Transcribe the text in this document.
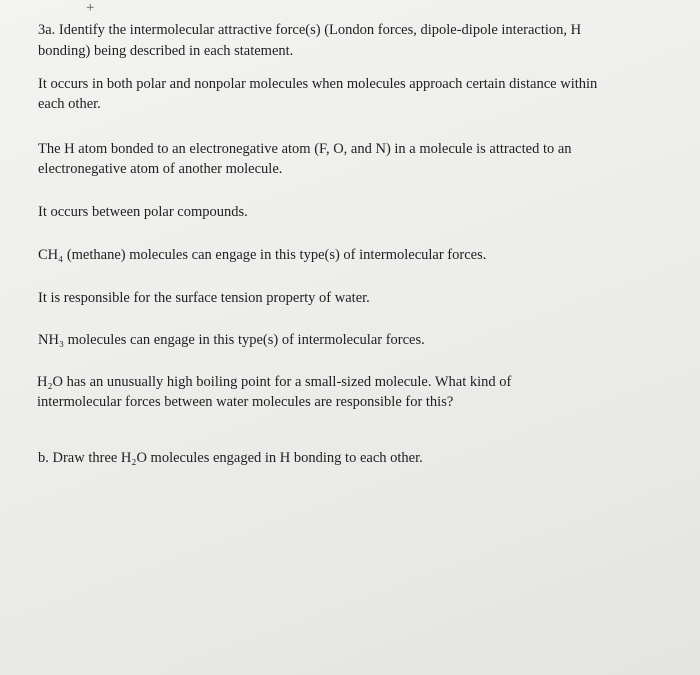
+
3a. Identify the intermolecular attractive force(s) (London forces, dipole-dipole interaction, H
bonding) being described in each statement.
It occurs in both polar and nonpolar molecules when molecules approach certain distance within
each other.
The H atom bonded to an electronegative atom (F, O, and N) in a molecule is attracted to an
electronegative atom of another molecule.
It occurs between polar compounds.
CH₄ (methane) molecules can engage in this type(s) of intermolecular forces.
It is responsible for the surface tension property of water.
NH₃ molecules can engage in this type(s) of intermolecular forces.
H₂O has an unusually high boiling point for a small-sized molecule. What kind of
intermolecular forces between water molecules are responsible for this?
b. Draw three H₂O molecules engaged in H bonding to each other.
